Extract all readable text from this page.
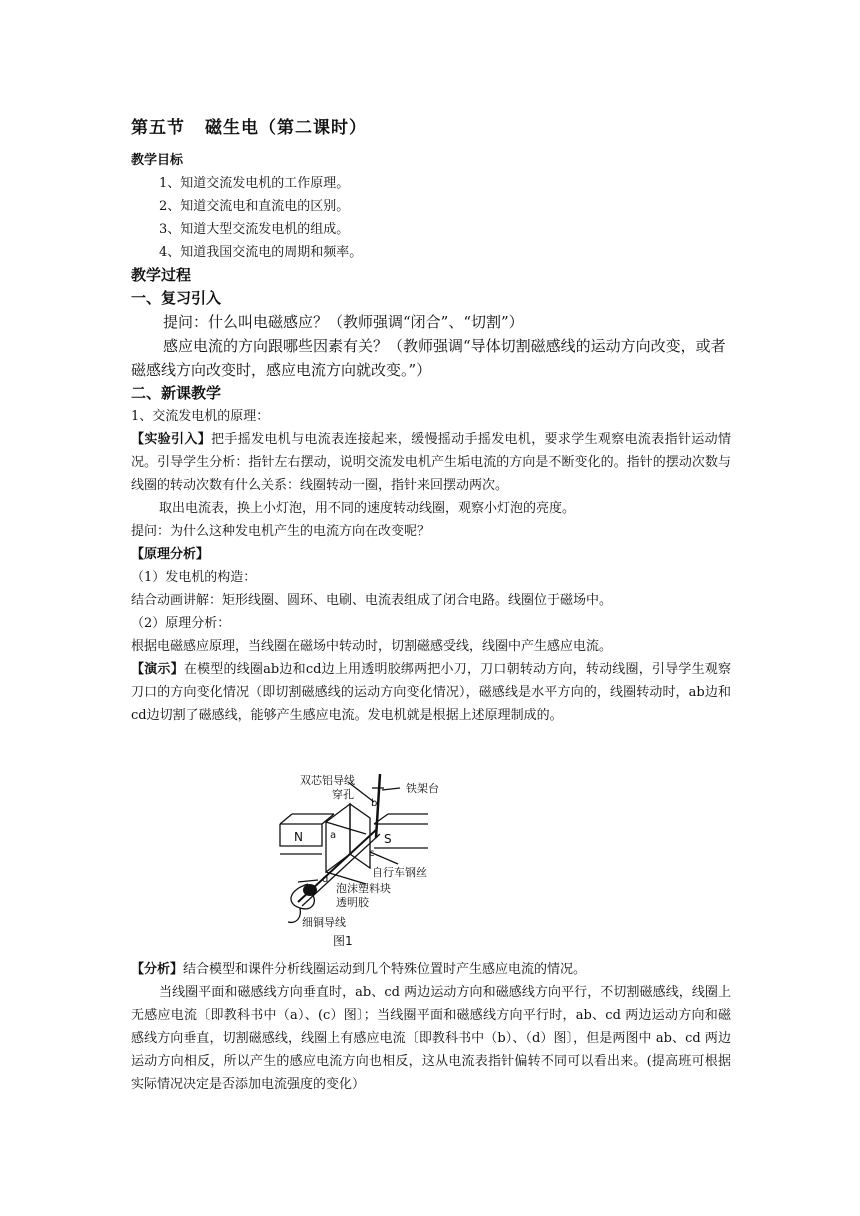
第五节 磁生电（第二课时）
教学目标
1、知道交流发电机的工作原理。
2、知道交流电和直流电的区别。
3、知道大型交流发电机的组成。
4、知道我国交流电的周期和频率。
教学过程
一、复习引入

提问：什么叫电磁感应？（教师强调“闭合”、“切割”）

感应电流的方向跟哪些因素有关？（教师强调“导体切割磁感线的运动方向改变，或者磁感线方向改变时，感应电流方向就改变。”）

二、新课教学

1、交流发电机的原理：

【实验引入】把手摇发电机与电流表连接起来，缓慢摇动手摇发电机，要求学生观察电流表指针运动情况。引导学生分析：指针左右摆动，说明交流发电机产生垢电流的方向是不断变化的。指针的摆动次数与线圈的转动次数有什么关系：线圈转动一圈，指针来回摆动两次。

取出电流表，换上小灯泡，用不同的速度转动线圈，观察小灯泡的亮度。

提问：为什么这种发电机产生的电流方向在改变呢？

【原理分析】

（1）发电机的构造：

结合动画讲解：矩形线圈、圆环、电刷、电流表组成了闭合电路。线圈位于磁场中。

（2）原理分析：

根据电磁感应原理，当线圈在磁场中转动时，切割磁感受线，线圈中产生感应电流。

【演示】在模型的线圈ab边和cd边上用透明胶绑两把小刀，刀口朝转动方向，转动线圈，引导学生观察刀口的方向变化情况（即切割磁感线的运动方向变化情况），磁感线是水平方向的，线圈转动时，ab边和cd边切割了磁感线，能够产生感应电流。发电机就是根据上述原理制成的。

双芯铝导线
穿孔	铁架台
N	S
a
b
c
d
自行车钢丝
泡沫塑料块
透明胶
细铜导线
图1

【分析】结合模型和课件分析线圈运动到几个特殊位置时产生感应电流的情况。

当线圈平面和磁感线方向垂直时，ab、cd 两边运动方向和磁感线方向平行，不切割磁感线，线圈上无感应电流〔即教科书中（a）、(c）图〕；当线圈平面和磁感线方向平行时，ab、cd 两边运动方向和磁感线方向垂直，切割磁感线，线圈上有感应电流〔即教科书中（b）、（d）图〕，但是两图中 ab、cd 两边运动方向相反，所以产生的感应电流方向也相反，这从电流表指针偏转不同可以看出来。(提高班可根据实际情况决定是否添加电流强度的变化）
